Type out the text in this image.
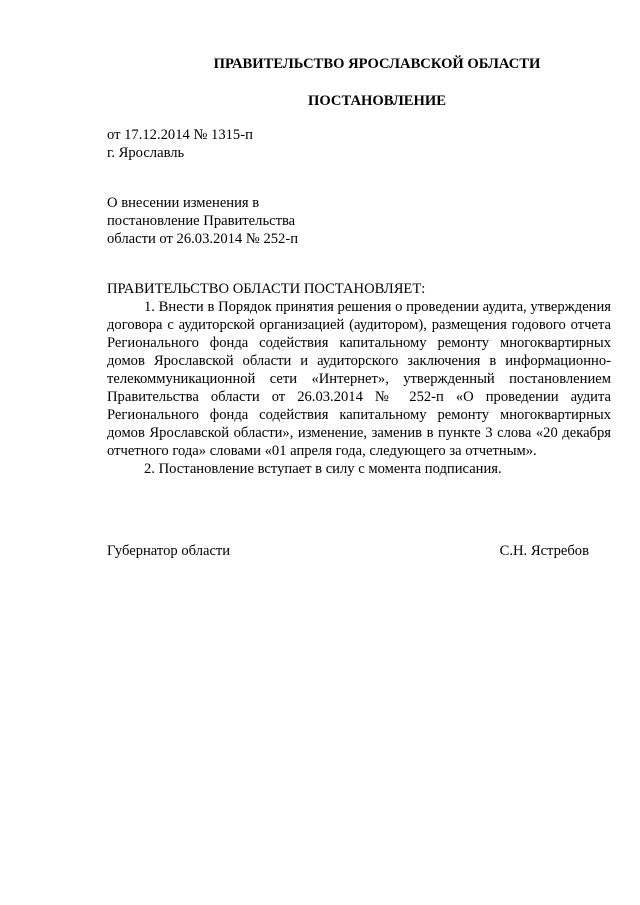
ПРАВИТЕЛЬСТВО ЯРОСЛАВСКОЙ ОБЛАСТИ
ПОСТАНОВЛЕНИЕ
от 17.12.2014 № 1315-п
г. Ярославль
О внесении изменения в
постановление Правительства
области от 26.03.2014 № 252-п
ПРАВИТЕЛЬСТВО ОБЛАСТИ ПОСТАНОВЛЯЕТ:

1. Внести в Порядок принятия решения о проведении аудита, утверждения договора с аудиторской организацией (аудитором), размещения годового отчета Регионального фонда содействия капитальному ремонту многоквартирных домов Ярославской области и аудиторского заключения в информационно-телекоммуникационной сети «Интернет», утвержденный постановлением Правительства области от 26.03.2014 № 252-п «О проведении аудита Регионального фонда содействия капитальному ремонту многоквартирных домов Ярославской области», изменение, заменив в пункте 3 слова «20 декабря отчетного года» словами «01 апреля года, следующего за отчетным».

2. Постановление вступает в силу с момента подписания.

Губернатор области	С.Н. Ястребов
